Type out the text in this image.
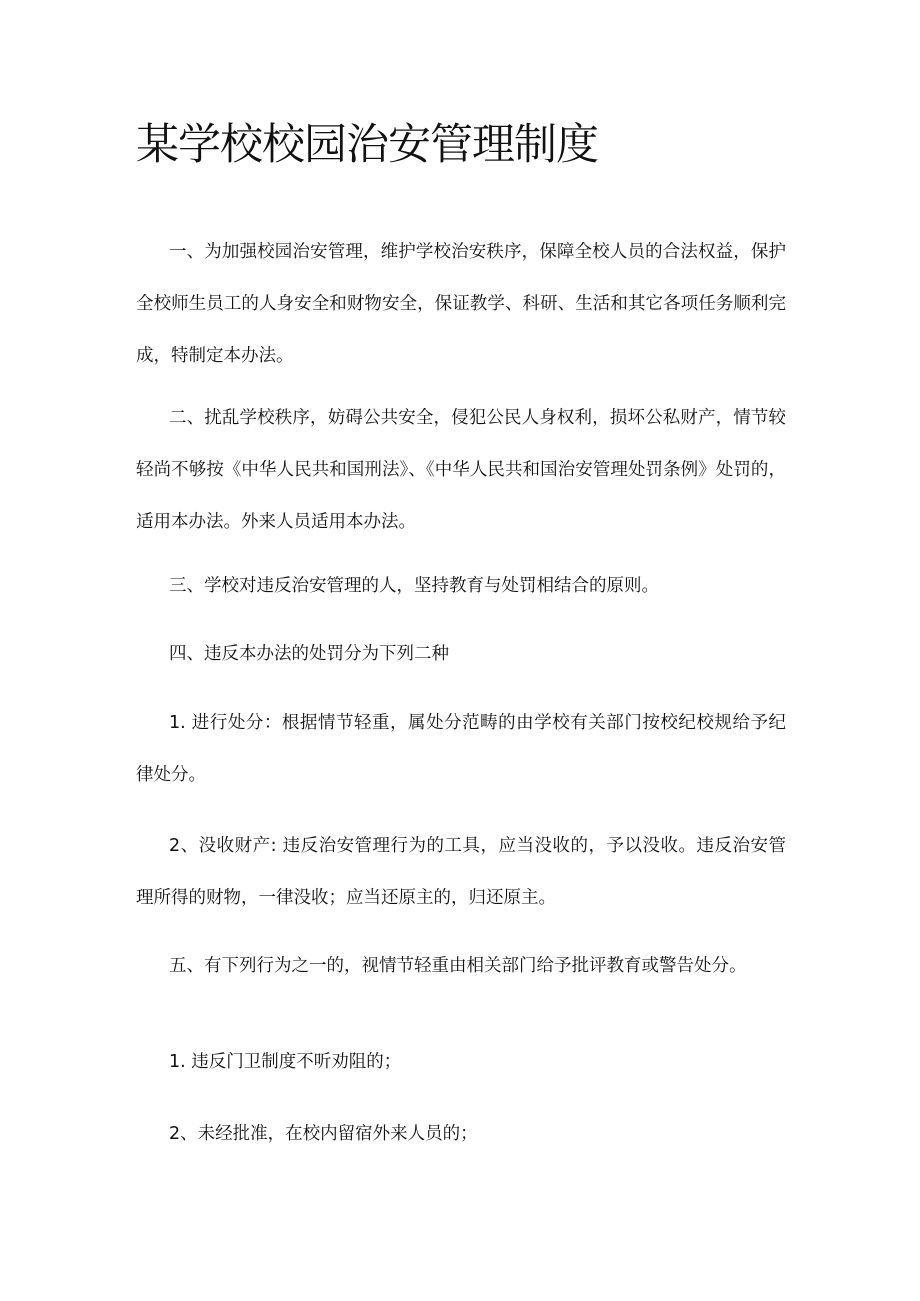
某学校校园治安管理制度

一、为加强校园治安管理，维护学校治安秩序，保障全校人员的合法权益，保护全校师生员工的人身安全和财物安全，保证教学、科研、生活和其它各项任务顺利完成，特制定本办法。

二、扰乱学校秩序，妨碍公共安全，侵犯公民人身权利，损坏公私财产，情节较轻尚不够按《中华人民共和国刑法》、《中华人民共和国治安管理处罚条例》处罚的，适用本办法。外来人员适用本办法。

三、学校对违反治安管理的人，坚持教育与处罚相结合的原则。

四、违反本办法的处罚分为下列二种

1. 进行处分：根据情节轻重，属处分范畴的由学校有关部门按校纪校规给予纪律处分。

2、没收财产: 违反治安管理行为的工具，应当没收的，予以没收。违反治安管理所得的财物，一律没收；应当还原主的，归还原主。

五、有下列行为之一的，视情节轻重由相关部门给予批评教育或警告处分。

1. 违反门卫制度不听劝阻的；

2、未经批准，在校内留宿外来人员的；
